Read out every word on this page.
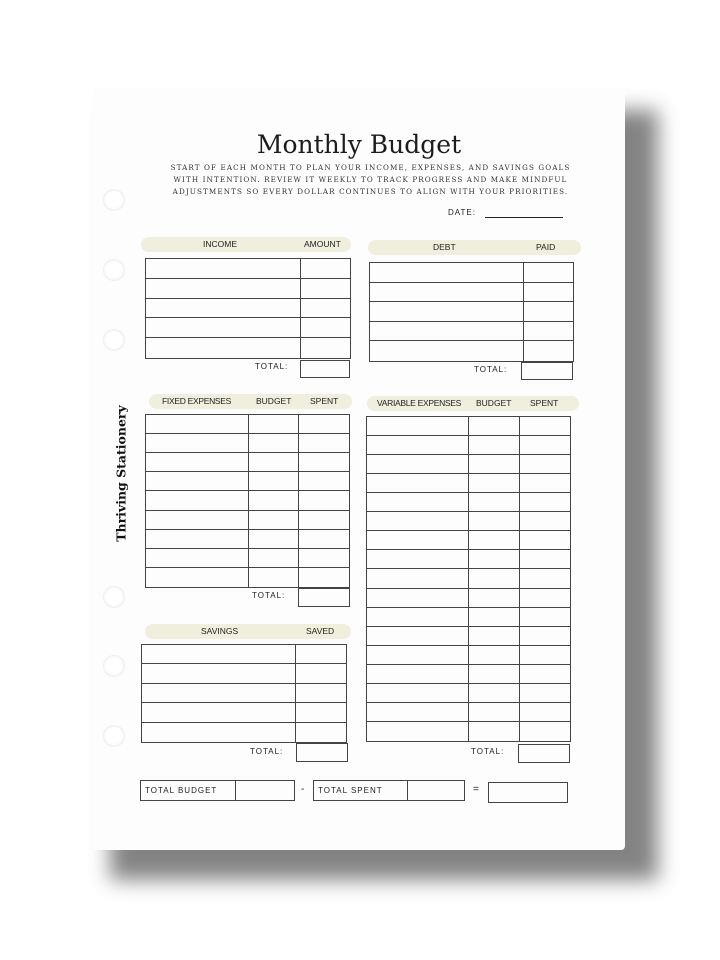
Monthly Budget
START OF EACH MONTH TO PLAN YOUR INCOME, EXPENSES, AND SAVINGS GOALS WITH INTENTION. REVIEW IT WEEKLY TO TRACK PROGRESS AND MAKE MINDFUL ADJUSTMENTS SO EVERY DOLLAR CONTINUES TO ALIGN WITH YOUR PRIORITIES.
DATE:
Thriving Stationery
INCOME	AMOUNT
TOTAL:
DEBT	PAID
TOTAL:
FIXED EXPENSES	BUDGET SPENT
TOTAL:
VARIABLE EXPENSES BUDGET SPENT
TOTAL:
SAVINGS	SAVED
TOTAL:
TOTAL BUDGET	-	TOTAL SPENT	=
